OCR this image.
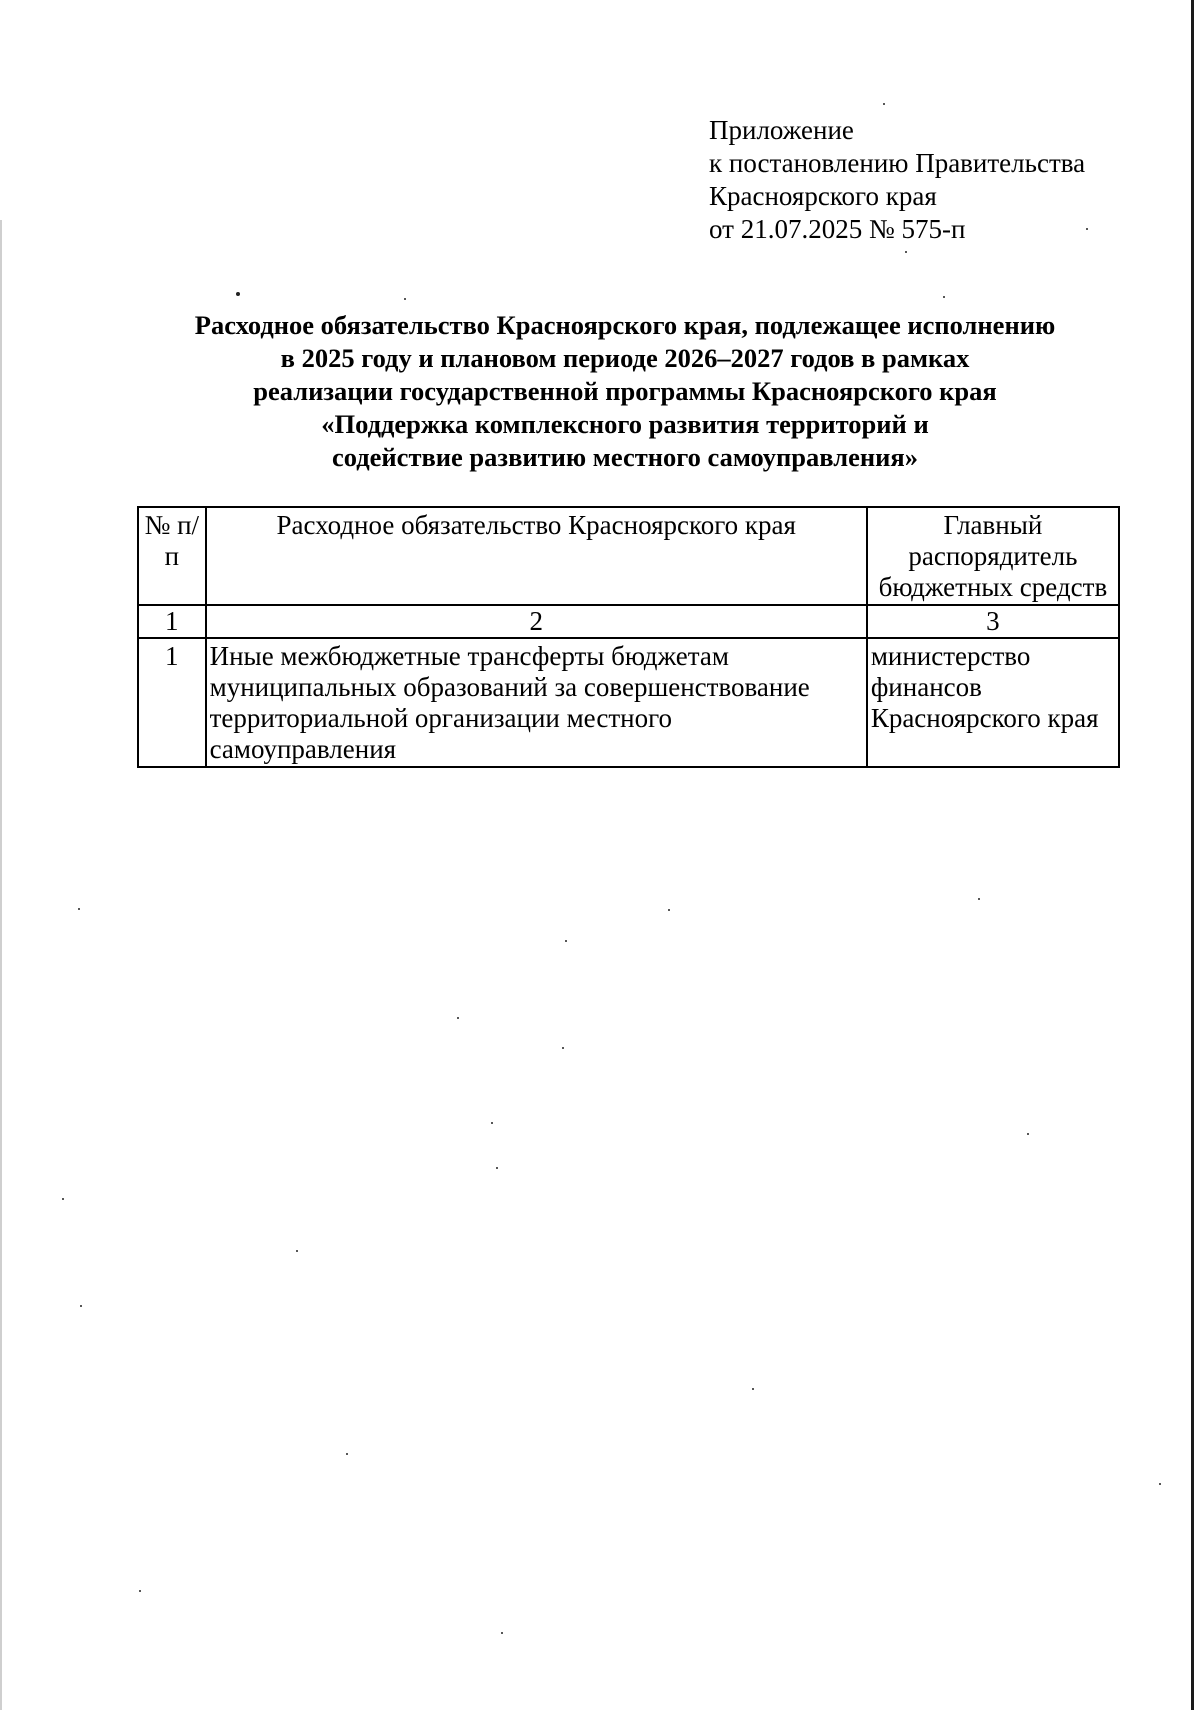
Приложение
к постановлению Правительства
Красноярского края
от 21.07.2025 № 575-п
Расходное обязательство Красноярского края, подлежащее исполнению
в 2025 году и плановом периоде 2026–2027 годов в рамках
реализации государственной программы Красноярского края
«Поддержка комплексного развития территорий и
содействие развитию местного самоуправления»
№ п/п	Расходное обязательство Красноярского края	Главный распорядитель бюджетных средств
1	2	3
1	Иные межбюджетные трансферты бюджетам муниципальных образований за совершенствование территориальной организации местного самоуправления	министерство финансов Красноярского края
